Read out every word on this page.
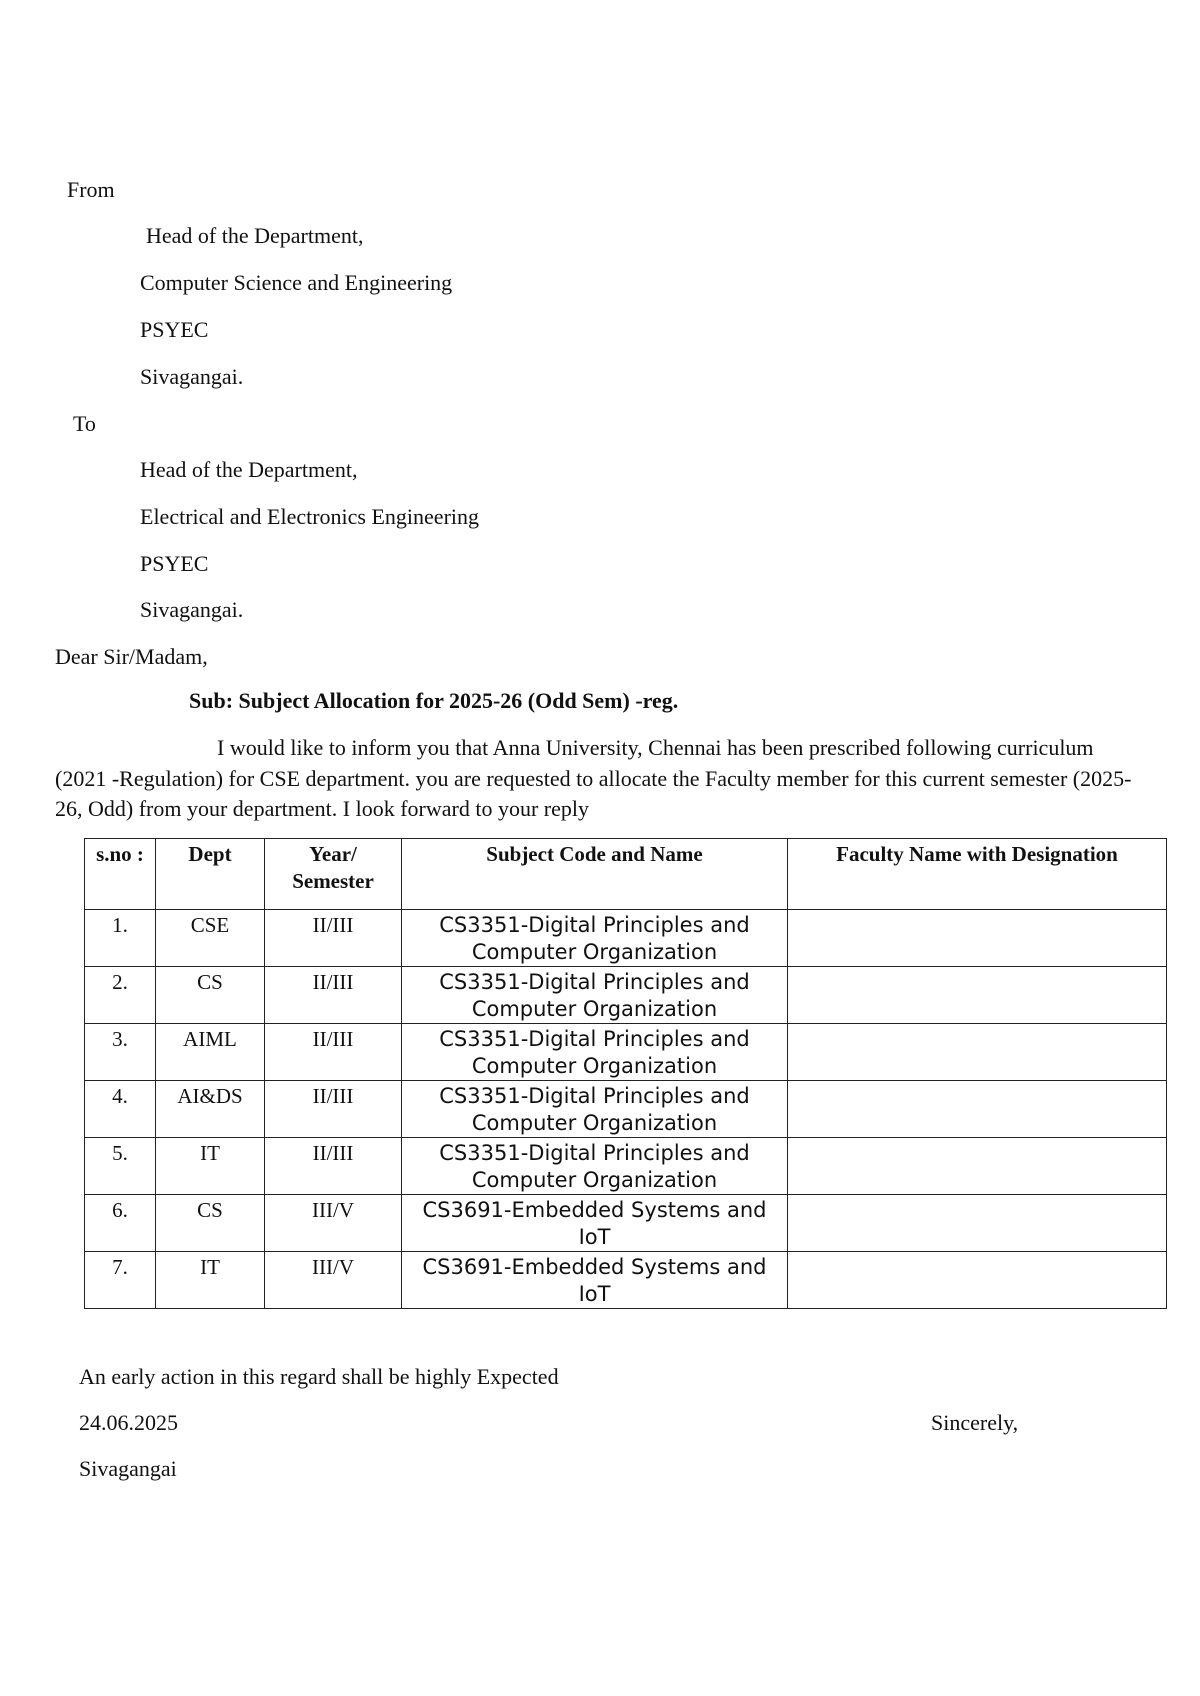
From
Head of the Department,
Computer Science and Engineering
PSYEC
Sivagangai.
To
Head of the Department,
Electrical and Electronics Engineering
PSYEC
Sivagangai.
Dear Sir/Madam,
Sub: Subject Allocation for 2025-26 (Odd Sem) -reg.
I would like to inform you that Anna University, Chennai has been prescribed following curriculum (2021 -Regulation) for CSE department. you are requested to allocate the Faculty member for this current semester (2025-26, Odd) from your department. I look forward to your reply
s.no :	Dept	Year/ Semester	Subject Code and Name	Faculty Name with Designation
1.	CSE	II/III	CS3351-Digital Principles and Computer Organization	
2.	CS	II/III	CS3351-Digital Principles and Computer Organization	
3.	AIML	II/III	CS3351-Digital Principles and Computer Organization	
4.	AI&DS	II/III	CS3351-Digital Principles and Computer Organization	
5.	IT	II/III	CS3351-Digital Principles and Computer Organization	
6.	CS	III/V	CS3691-Embedded Systems and IoT	
7.	IT	III/V	CS3691-Embedded Systems and IoT	
An early action in this regard shall be highly Expected
24.06.2025	Sincerely,
Sivagangai
